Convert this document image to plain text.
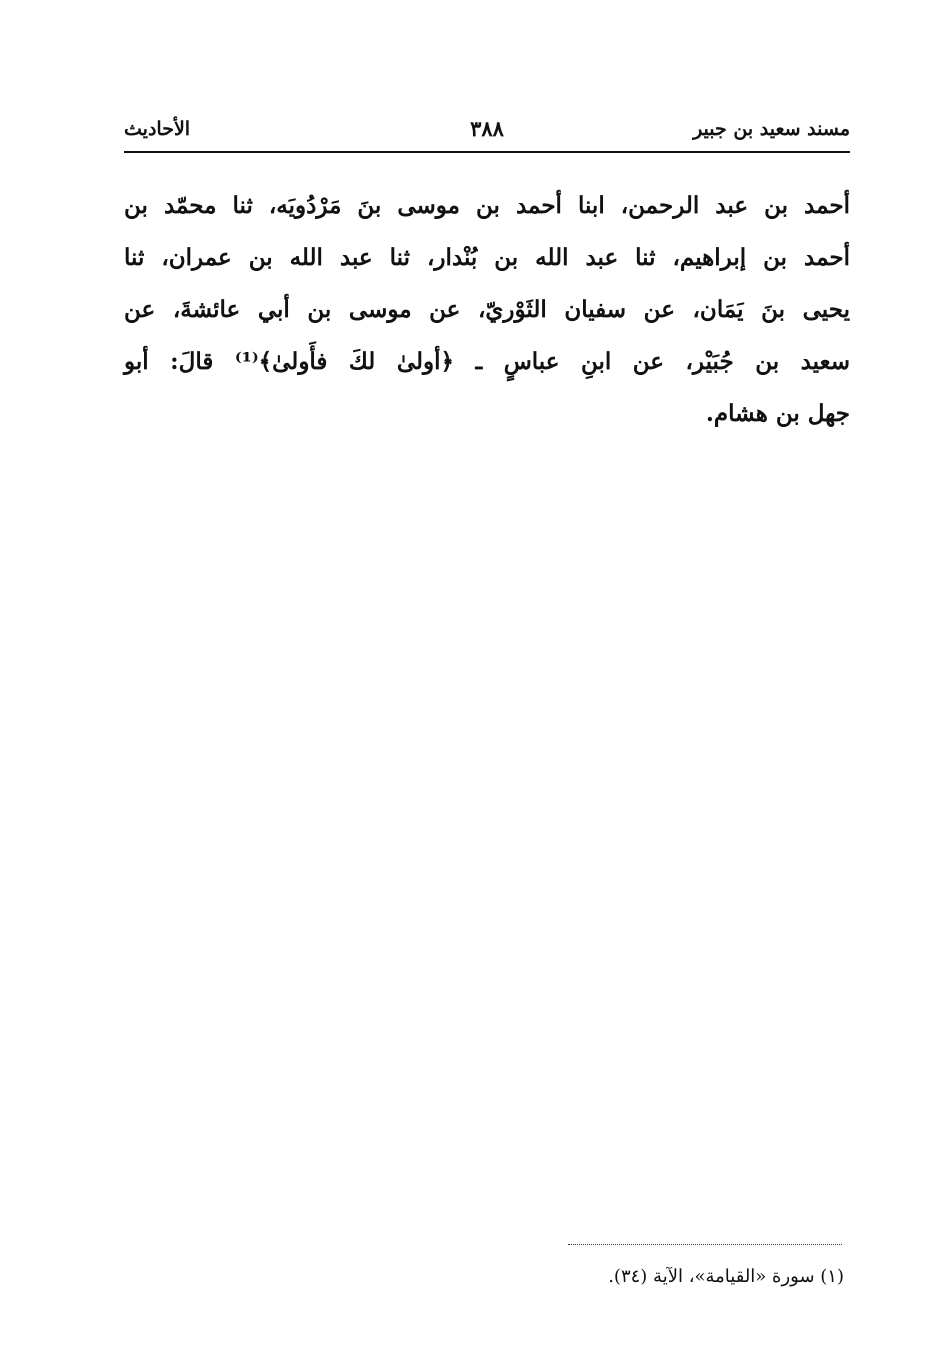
مسند سعيد بن جبير
٣٨٨
الأحاديث
أحمد بن عبد الرحمن، ابنا أحمد بن موسى بنَ مَرْدُويَه، ثنا محمّد بن
أحمد بن إبراهيم، ثنا عبد الله بن بُنْدار، ثنا عبد الله بن عمران، ثنا
يحيى بنَ يَمَان، عن سفيان الثَوْريّ، عن موسى بن أبي عائشةَ، عن
سعيد بن جُبَيْر، عن ابنِ عباسٍ ـ ﴿أولىٰ لكَ فأَولىٰ﴾⁽¹⁾ قالَ: أبو
جهل بن هشام.
(١) سورة «القيامة»، الآية (٣٤).
